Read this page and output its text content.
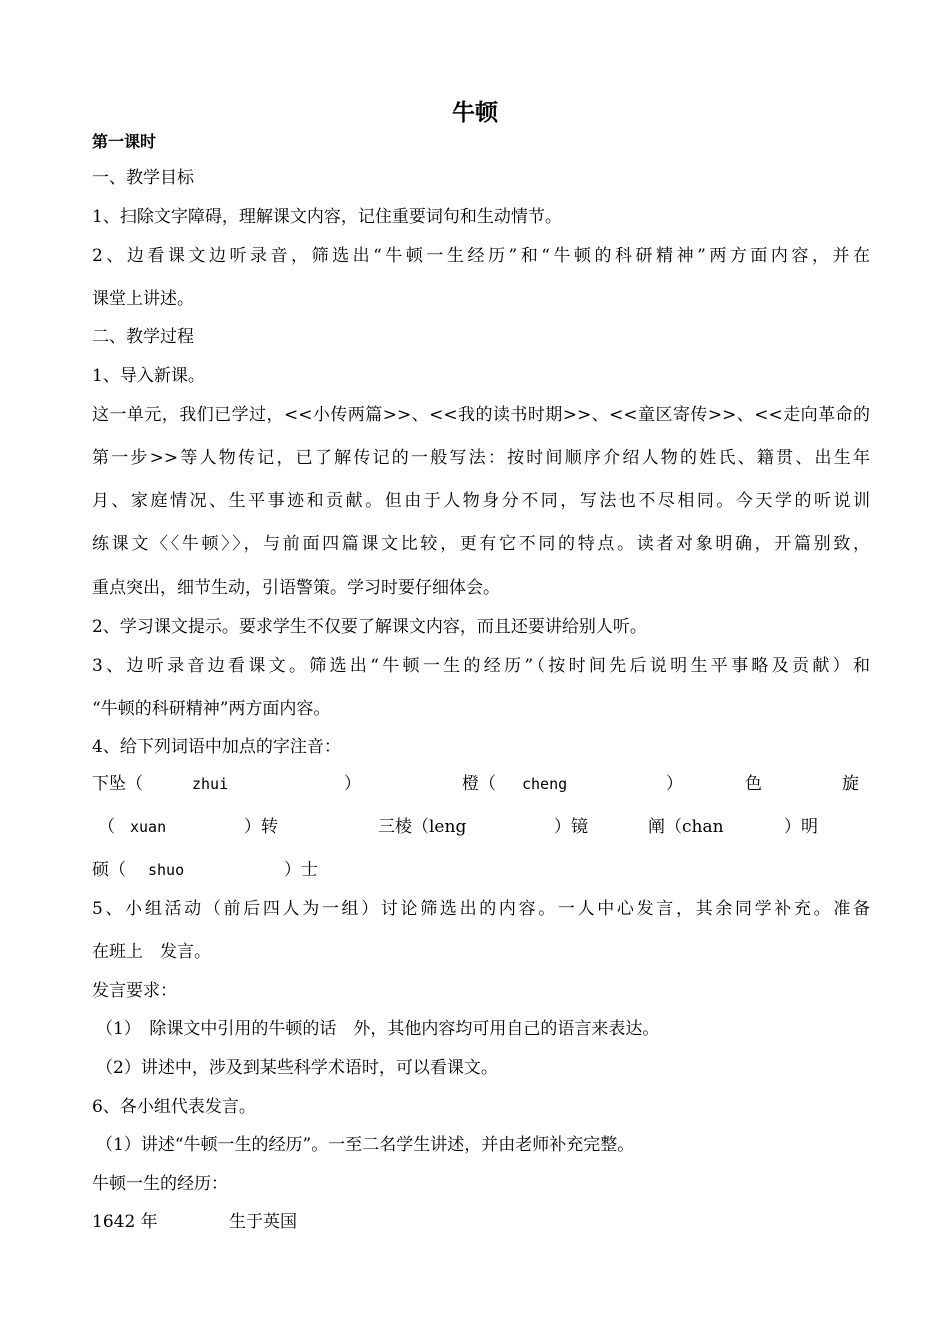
牛顿
第一课时
一、教学目标
1、扫除文字障碍，理解课文内容，记住重要词句和生动情节。
2、边看课文边听录音，筛选出“牛顿一生经历”和“牛顿的科研精神”两方面内容，并在
课堂上讲述。
二、教学过程
1、导入新课。
这一单元，我们已学过，<<小传两篇>>、<<我的读书时期>>、<<童区寄传>>、<<走向革命的
第一步>>等人物传记，已了解传记的一般写法：按时间顺序介绍人物的姓氏、籍贯、出生年
月、家庭情况、生平事迹和贡献。但由于人物身分不同，写法也不尽相同。今天学的听说训
练课文〈〈牛顿〉〉，与前面四篇课文比较，更有它不同的特点。读者对象明确，开篇别致，
重点突出，细节生动，引语警策。学习时要仔细体会。
2、学习课文提示。要求学生不仅要了解课文内容，而且还要讲给别人听。
3、边听录音边看课文。筛选出“牛顿一生的经历”（按时间先后说明生平事略及贡献）和
“牛顿的科研精神”两方面内容。
4、给下列词语中加点的字注音：
下坠（	zhui	）	橙（ cheng	）	色	旋
（ xuan	）转	三棱（leng	）镜	阐（chan	）明
硕（ shuo	）士
5、小组活动（前后四人为一组）讨论筛选出的内容。一人中心发言，其余同学补充。准备
在班上　发言。
发言要求：
（1）　除课文中引用的牛顿的话　外，其他内容均可用自己的语言来表达。
（2）讲述中，涉及到某些科学术语时，可以看课文。
6、各小组代表发言。
（1）讲述“牛顿一生的经历”。一至二名学生讲述，并由老师补充完整。
牛顿一生的经历：
1642 年	生于英国
